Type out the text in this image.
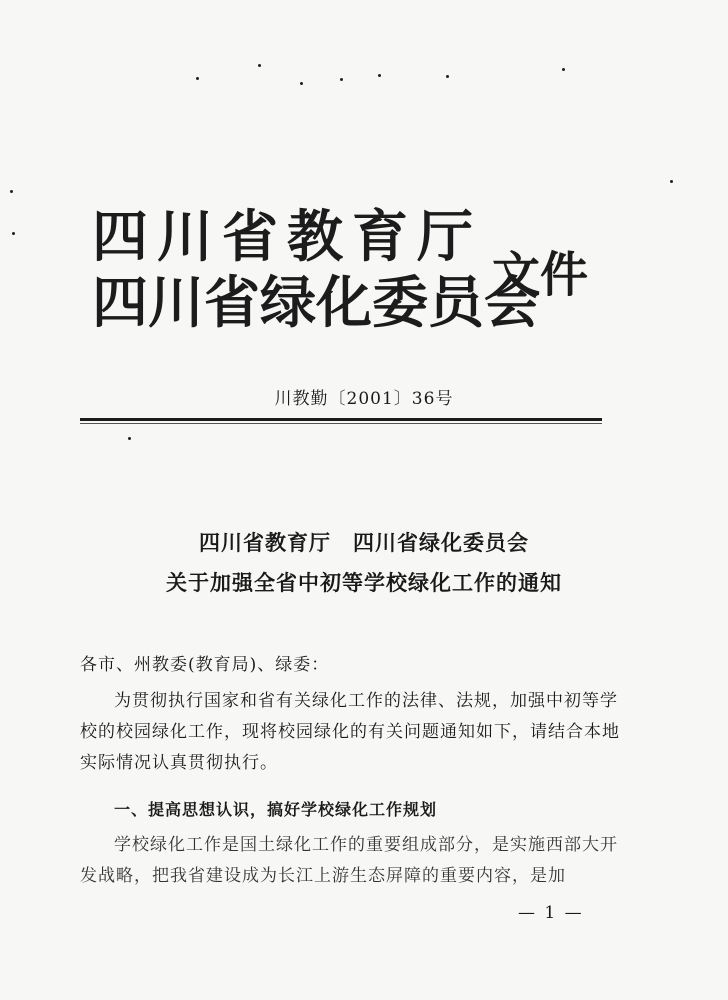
四川省教育厅
四川省绿化委员会
文件
川教勤〔2001〕36号
四川省教育厅　四川省绿化委员会
关于加强全省中初等学校绿化工作的通知
各市、州教委(教育局)、绿委：
为贯彻执行国家和省有关绿化工作的法律、法规，加强中初等学校的校园绿化工作，现将校园绿化的有关问题通知如下，请结合本地实际情况认真贯彻执行。
一、提高思想认识，搞好学校绿化工作规划
学校绿化工作是国土绿化工作的重要组成部分，是实施西部大开发战略，把我省建设成为长江上游生态屏障的重要内容，是加
— 1 —
